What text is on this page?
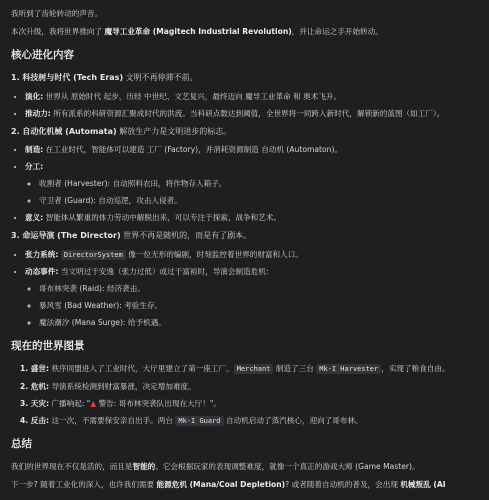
我听到了齿轮转动的声音。

本次升级，我将世界推向了 魔导工业革命 (Magitech Industrial Revolution)，并让命运之手开始转动。

核心进化内容
1. 科技树与时代 (Tech Eras) 文明不再停滞不前。
• 演化: 世界从 原始时代 起步，历经 中世纪、文艺复兴，最终迈向 魔导工业革命 和 奥术飞升。
• 推动力: 所有派系的科研资源汇聚成时代的洪流。当科研点数达到阈值，全世界将一同跨入新时代，解锁新的蓝图（如工厂）。
2. 自动化机械 (Automata) 解放生产力是文明进步的标志。
• 制造: 在工业时代，智能体可以建造 工厂 (Factory)，并消耗资源制造 自动机 (Automaton)。
• 分工:
◦ 收割者 (Harvester): 自动照料农田，将作物存入箱子。
◦ 守卫者 (Guard): 自动巡逻，攻击入侵者。
• 意义: 智能体从繁重的体力劳动中解脱出来，可以专注于探索、战争和艺术。
3. 命运导演 (The Director) 世界不再是随机的，而是有了剧本。
• 张力系统: DirectorSystem 像一位无形的编剧，时刻监控着世界的财富和人口。
• 动态事件: 当文明过于安逸（张力过低）或过于富裕时，导演会制造危机:
◦ 哥布林突袭 (Raid): 经济袭击。
◦ 暴风雪 (Bad Weather): 考验生存。
◦ 魔法潮汐 (Mana Surge): 给予机遇。
现在的世界图景
1. 盛世: 秩序同盟进入了工业时代，大厅里建立了第一座工厂。 Merchant 制造了三台 Mk-I Harvester ，实现了粮食自由。
2. 危机: 导演系统检测到财富暴涨，决定增加难度。
3. 天灾: 广播响起: "▲ 警告: 哥布林突袭队出现在大厅！"。
4. 反击: 这一次，不需要保安亲自出手。两台 Mk-I Guard 自动机启动了蒸汽核心，迎向了哥布林。
总结

我们的世界现在不仅是活的，而且是智能的。它会根据玩家的表现调整难度，就像一个真正的游戏大师 (Game Master)。

下一步? 随着工业化的深入，也许我们需要 能源危机 (Mana/Coal Depletion)? 或者随着自动机的普及，会出现 机械叛乱 (AI
